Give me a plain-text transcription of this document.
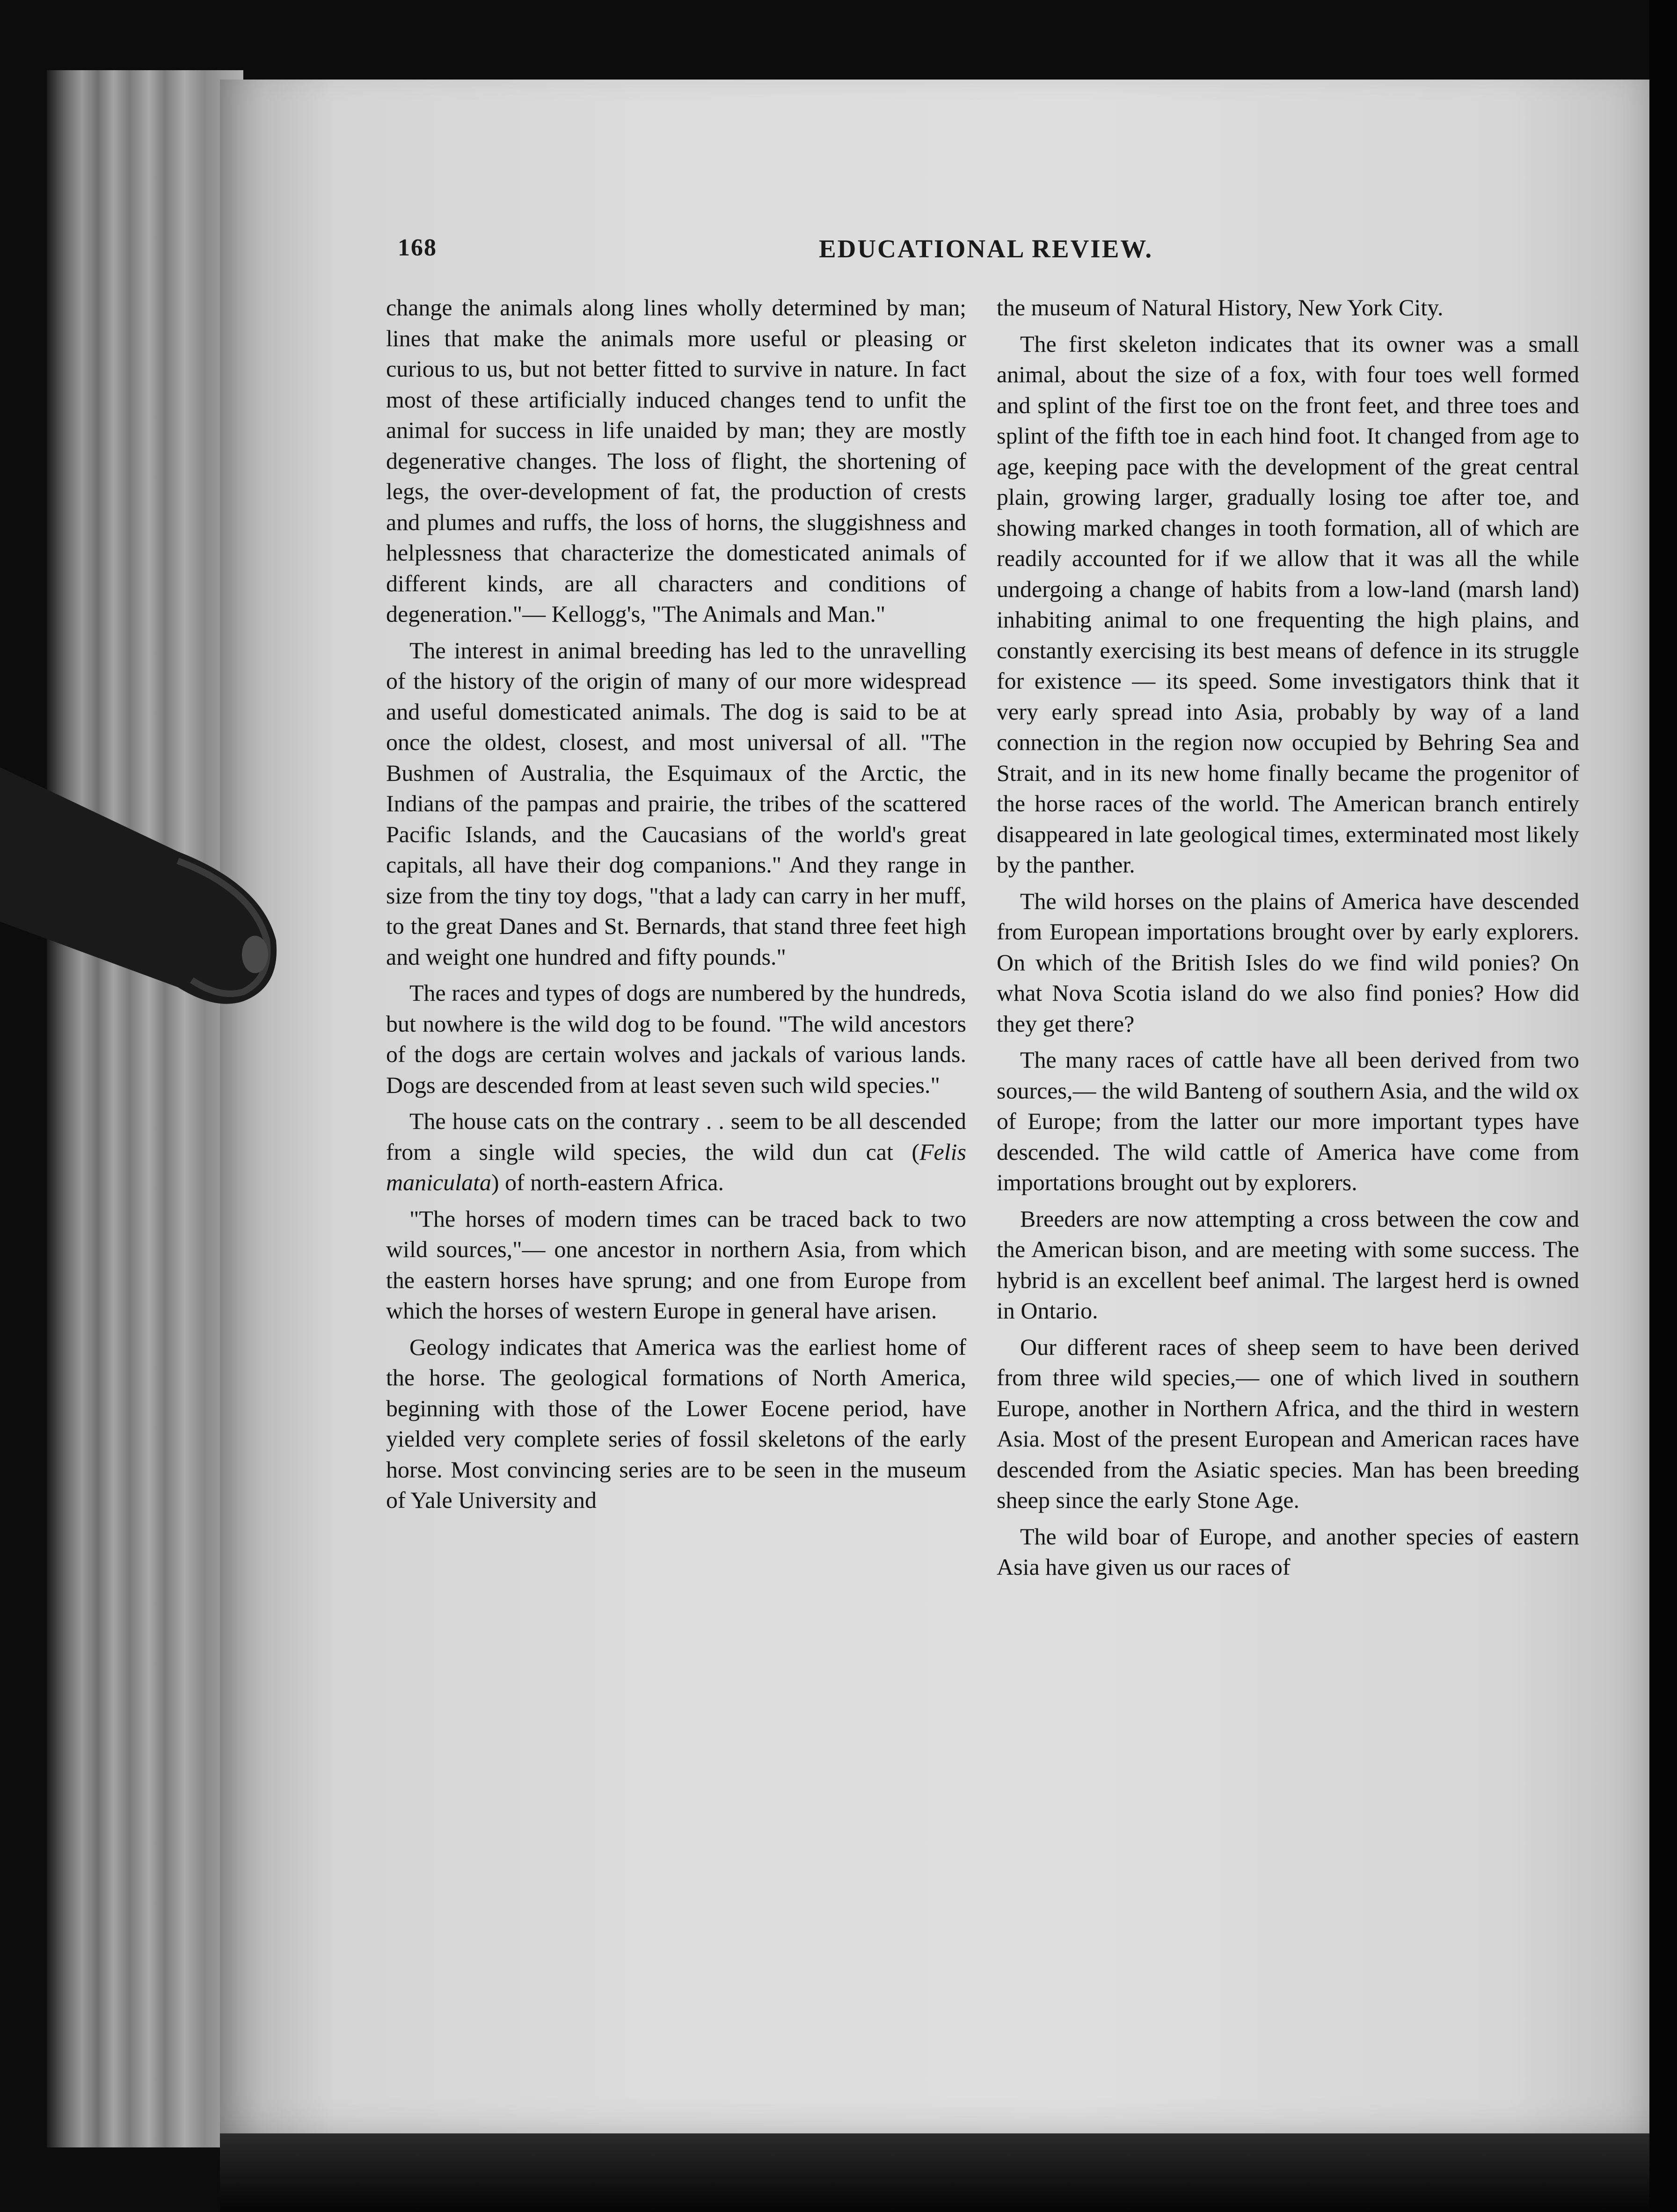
168	EDUCATIONAL REVIEW.

change the animals along lines wholly determined by man; lines that make the animals more useful or pleasing or curious to us, but not better fitted to survive in nature. In fact most of these artificially induced changes tend to unfit the animal for success in life unaided by man; they are mostly degenerative changes. The loss of flight, the shortening of legs, the over-development of fat, the production of crests and plumes and ruffs, the loss of horns, the sluggishness and helplessness that characterize the domesticated animals of different kinds, are all characters and conditions of degeneration."— Kellogg's, "The Animals and Man."

The interest in animal breeding has led to the unravelling of the history of the origin of many of our more widespread and useful domesticated animals. The dog is said to be at once the oldest, closest, and most universal of all. "The Bushmen of Australia, the Esquimaux of the Arctic, the Indians of the pampas and prairie, the tribes of the scattered Pacific Islands, and the Caucasians of the world's great capitals, all have their dog companions." And they range in size from the tiny toy dogs, "that a lady can carry in her muff, to the great Danes and St. Bernards, that stand three feet high and weight one hundred and fifty pounds."

The races and types of dogs are numbered by the hundreds, but nowhere is the wild dog to be found. "The wild ancestors of the dogs are certain wolves and jackals of various lands. Dogs are descended from at least seven such wild species."

The house cats on the contrary . . seem to be all descended from a single wild species, the wild dun cat (Felis maniculata) of north-eastern Africa.

"The horses of modern times can be traced back to two wild sources,"— one ancestor in northern Asia, from which the eastern horses have sprung; and one from Europe from which the horses of western Europe in general have arisen.

Geology indicates that America was the earliest home of the horse. The geological formations of North America, beginning with those of the Lower Eocene period, have yielded very complete series of fossil skeletons of the early horse. Most convincing series are to be seen in the museum of Yale University and

the museum of Natural History, New York City.

The first skeleton indicates that its owner was a small animal, about the size of a fox, with four toes well formed and splint of the first toe on the front feet, and three toes and splint of the fifth toe in each hind foot. It changed from age to age, keeping pace with the development of the great central plain, growing larger, gradually losing toe after toe, and showing marked changes in tooth formation, all of which are readily accounted for if we allow that it was all the while undergoing a change of habits from a low-land (marsh land) inhabiting animal to one frequenting the high plains, and constantly exercising its best means of defence in its struggle for existence — its speed. Some investigators think that it very early spread into Asia, probably by way of a land connection in the region now occupied by Behring Sea and Strait, and in its new home finally became the progenitor of the horse races of the world. The American branch entirely disappeared in late geological times, exterminated most likely by the panther.

The wild horses on the plains of America have descended from European importations brought over by early explorers. On which of the British Isles do we find wild ponies? On what Nova Scotia island do we also find ponies? How did they get there?

The many races of cattle have all been derived from two sources,— the wild Banteng of southern Asia, and the wild ox of Europe; from the latter our more important types have descended. The wild cattle of America have come from importations brought out by explorers.

Breeders are now attempting a cross between the cow and the American bison, and are meeting with some success. The hybrid is an excellent beef animal. The largest herd is owned in Ontario.

Our different races of sheep seem to have been derived from three wild species,— one of which lived in southern Europe, another in Northern Africa, and the third in western Asia. Most of the present European and American races have descended from the Asiatic species. Man has been breeding sheep since the early Stone Age.

The wild boar of Europe, and another species of eastern Asia have given us our races of
